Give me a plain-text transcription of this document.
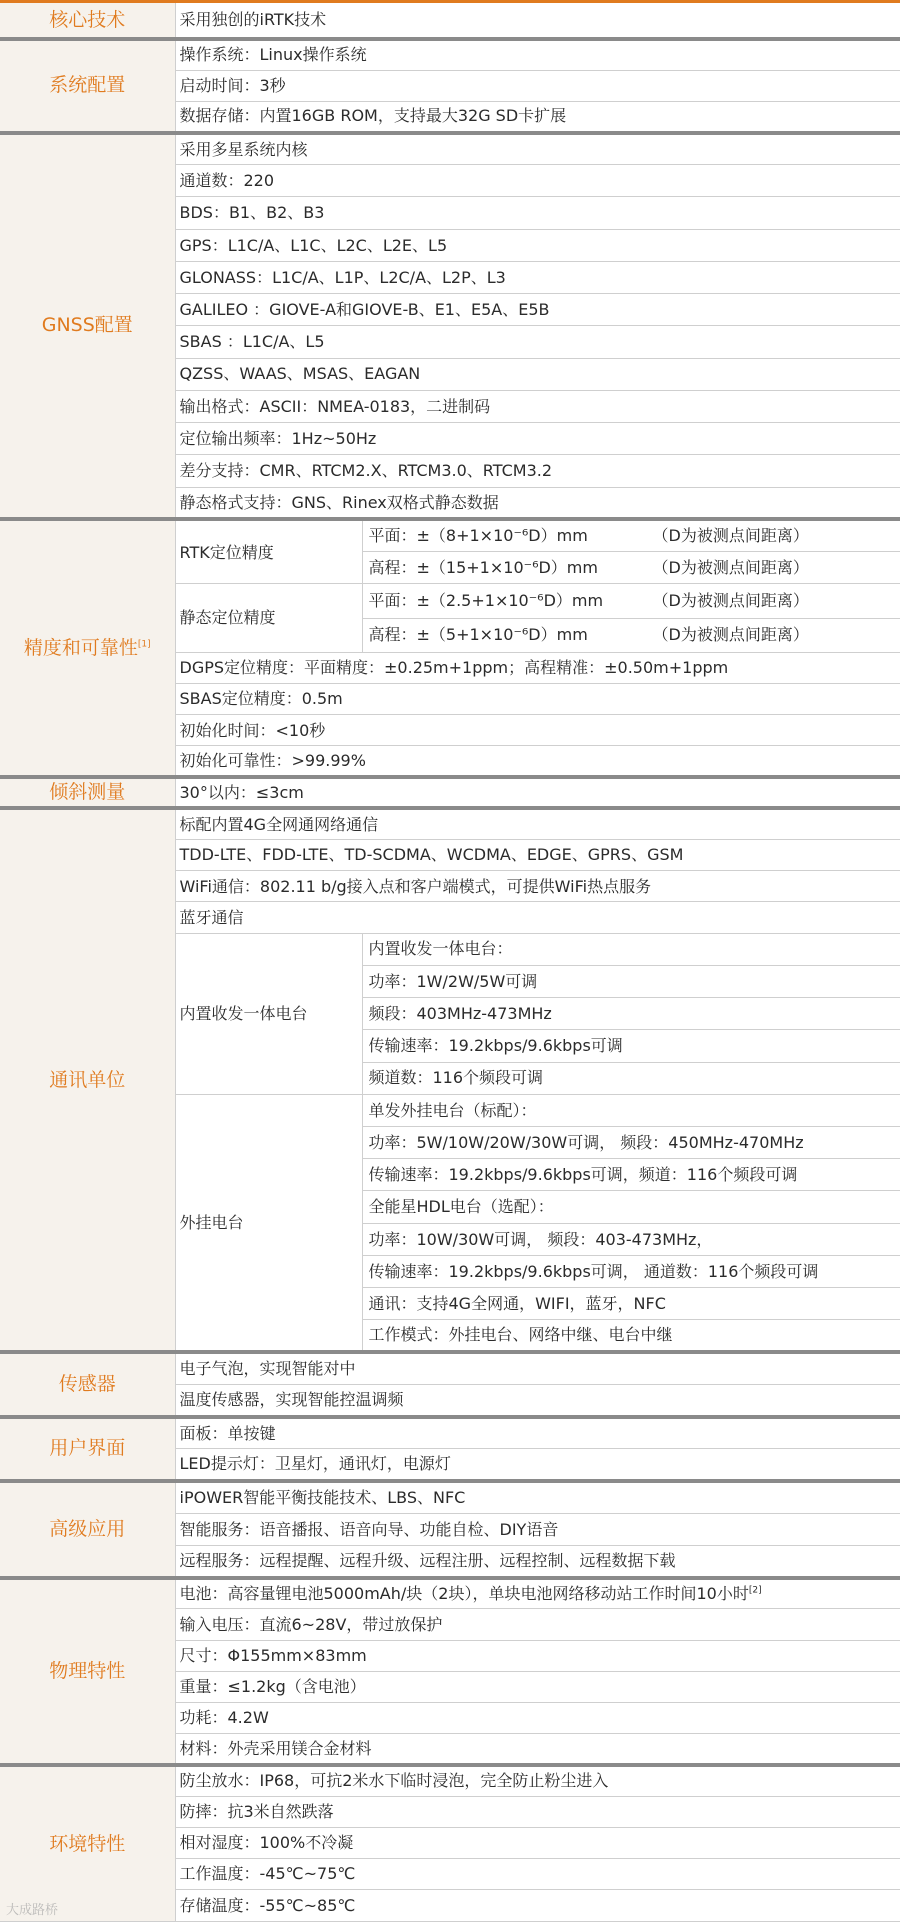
核心技术	采用独创的iRTK技术	
系统配置	操作系统：Linux操作系统	
	启动时间：3秒	
	数据存储：内置16GB ROM，支持最大32G SD卡扩展	
GNSS配置	采用多星系统内核	
	通道数：220	
	BDS：B1、B2、B3	
	GPS：L1C/A、L1C、L2C、L2E、L5	
	GLONASS：L1C/A、L1P、L2C/A、L2P、L3	
	GALILEO ：GIOVE-A和GIOVE-B、E1、E5A、E5B	
	SBAS ：L1C/A、L5	
	QZSS、WAAS、MSAS、EAGAN	
	输出格式：ASCII：NMEA-0183，二进制码	
	定位输出频率：1Hz~50Hz	
	差分支持：CMR、RTCM2.X、RTCM3.0、RTCM3.2	
	静态格式支持：GNS、Rinex双格式静态数据	
精度和可靠性[1]	RTK定位精度	平面：±（8+1×10⁻⁶D）mm （D为被测点间距离）
		高程：±（15+1×10⁻⁶D）mm （D为被测点间距离）
	静态定位精度	平面：±（2.5+1×10⁻⁶D）mm （D为被测点间距离）
		高程：±（5+1×10⁻⁶D）mm （D为被测点间距离）
	DGPS定位精度：平面精度：±0.25m+1ppm；高程精准：±0.50m+1ppm	
	SBAS定位精度：0.5m	
	初始化时间：<10秒	
	初始化可靠性：>99.99%	
倾斜测量	30°以内：≤3cm	
通讯单位	标配内置4G全网通网络通信	
	TDD-LTE、FDD-LTE、TD-SCDMA、WCDMA、EDGE、GPRS、GSM	
	WiFi通信：802.11 b/g接入点和客户端模式，可提供WiFi热点服务	
	蓝牙通信	
	内置收发一体电台	内置收发一体电台：
		功率：1W/2W/5W可调
		频段：403MHz-473MHz
		传输速率：19.2kbps/9.6kbps可调
		频道数：116个频段可调
	外挂电台	单发外挂电台（标配）：
		功率：5W/10W/20W/30W可调， 频段：450MHz-470MHz
		传输速率：19.2kbps/9.6kbps可调，频道：116个频段可调
		全能星HDL电台（选配）：
		功率：10W/30W可调， 频段：403-473MHz，
		传输速率：19.2kbps/9.6kbps可调， 通道数：116个频段可调
		通讯：支持4G全网通，WIFI，蓝牙，NFC
		工作模式：外挂电台、网络中继、电台中继
传感器	电子气泡，实现智能对中	
	温度传感器，实现智能控温调频	
用户界面	面板：单按键	
	LED提示灯：卫星灯，通讯灯，电源灯	
高级应用	iPOWER智能平衡技能技术、LBS、NFC	
	智能服务：语音播报、语音向导、功能自检、DIY语音	
	远程服务：远程提醒、远程升级、远程注册、远程控制、远程数据下载	
物理特性	电池：高容量锂电池5000mAh/块（2块），单块电池网络移动站工作时间10小时[2]
	输入电压：直流6~28V，带过放保护	
	尺寸：Φ155mm×83mm	
	重量：≤1.2kg（含电池）	
	功耗：4.2W	
	材料：外壳采用镁合金材料	
环境特性	防尘放水：IP68，可抗2米水下临时浸泡，完全防止粉尘进入	
	防摔：抗3米自然跌落	
	相对湿度：100%不冷凝	
	工作温度：-45℃~75℃	
	存储温度：-55℃~85℃	
大成路桥
